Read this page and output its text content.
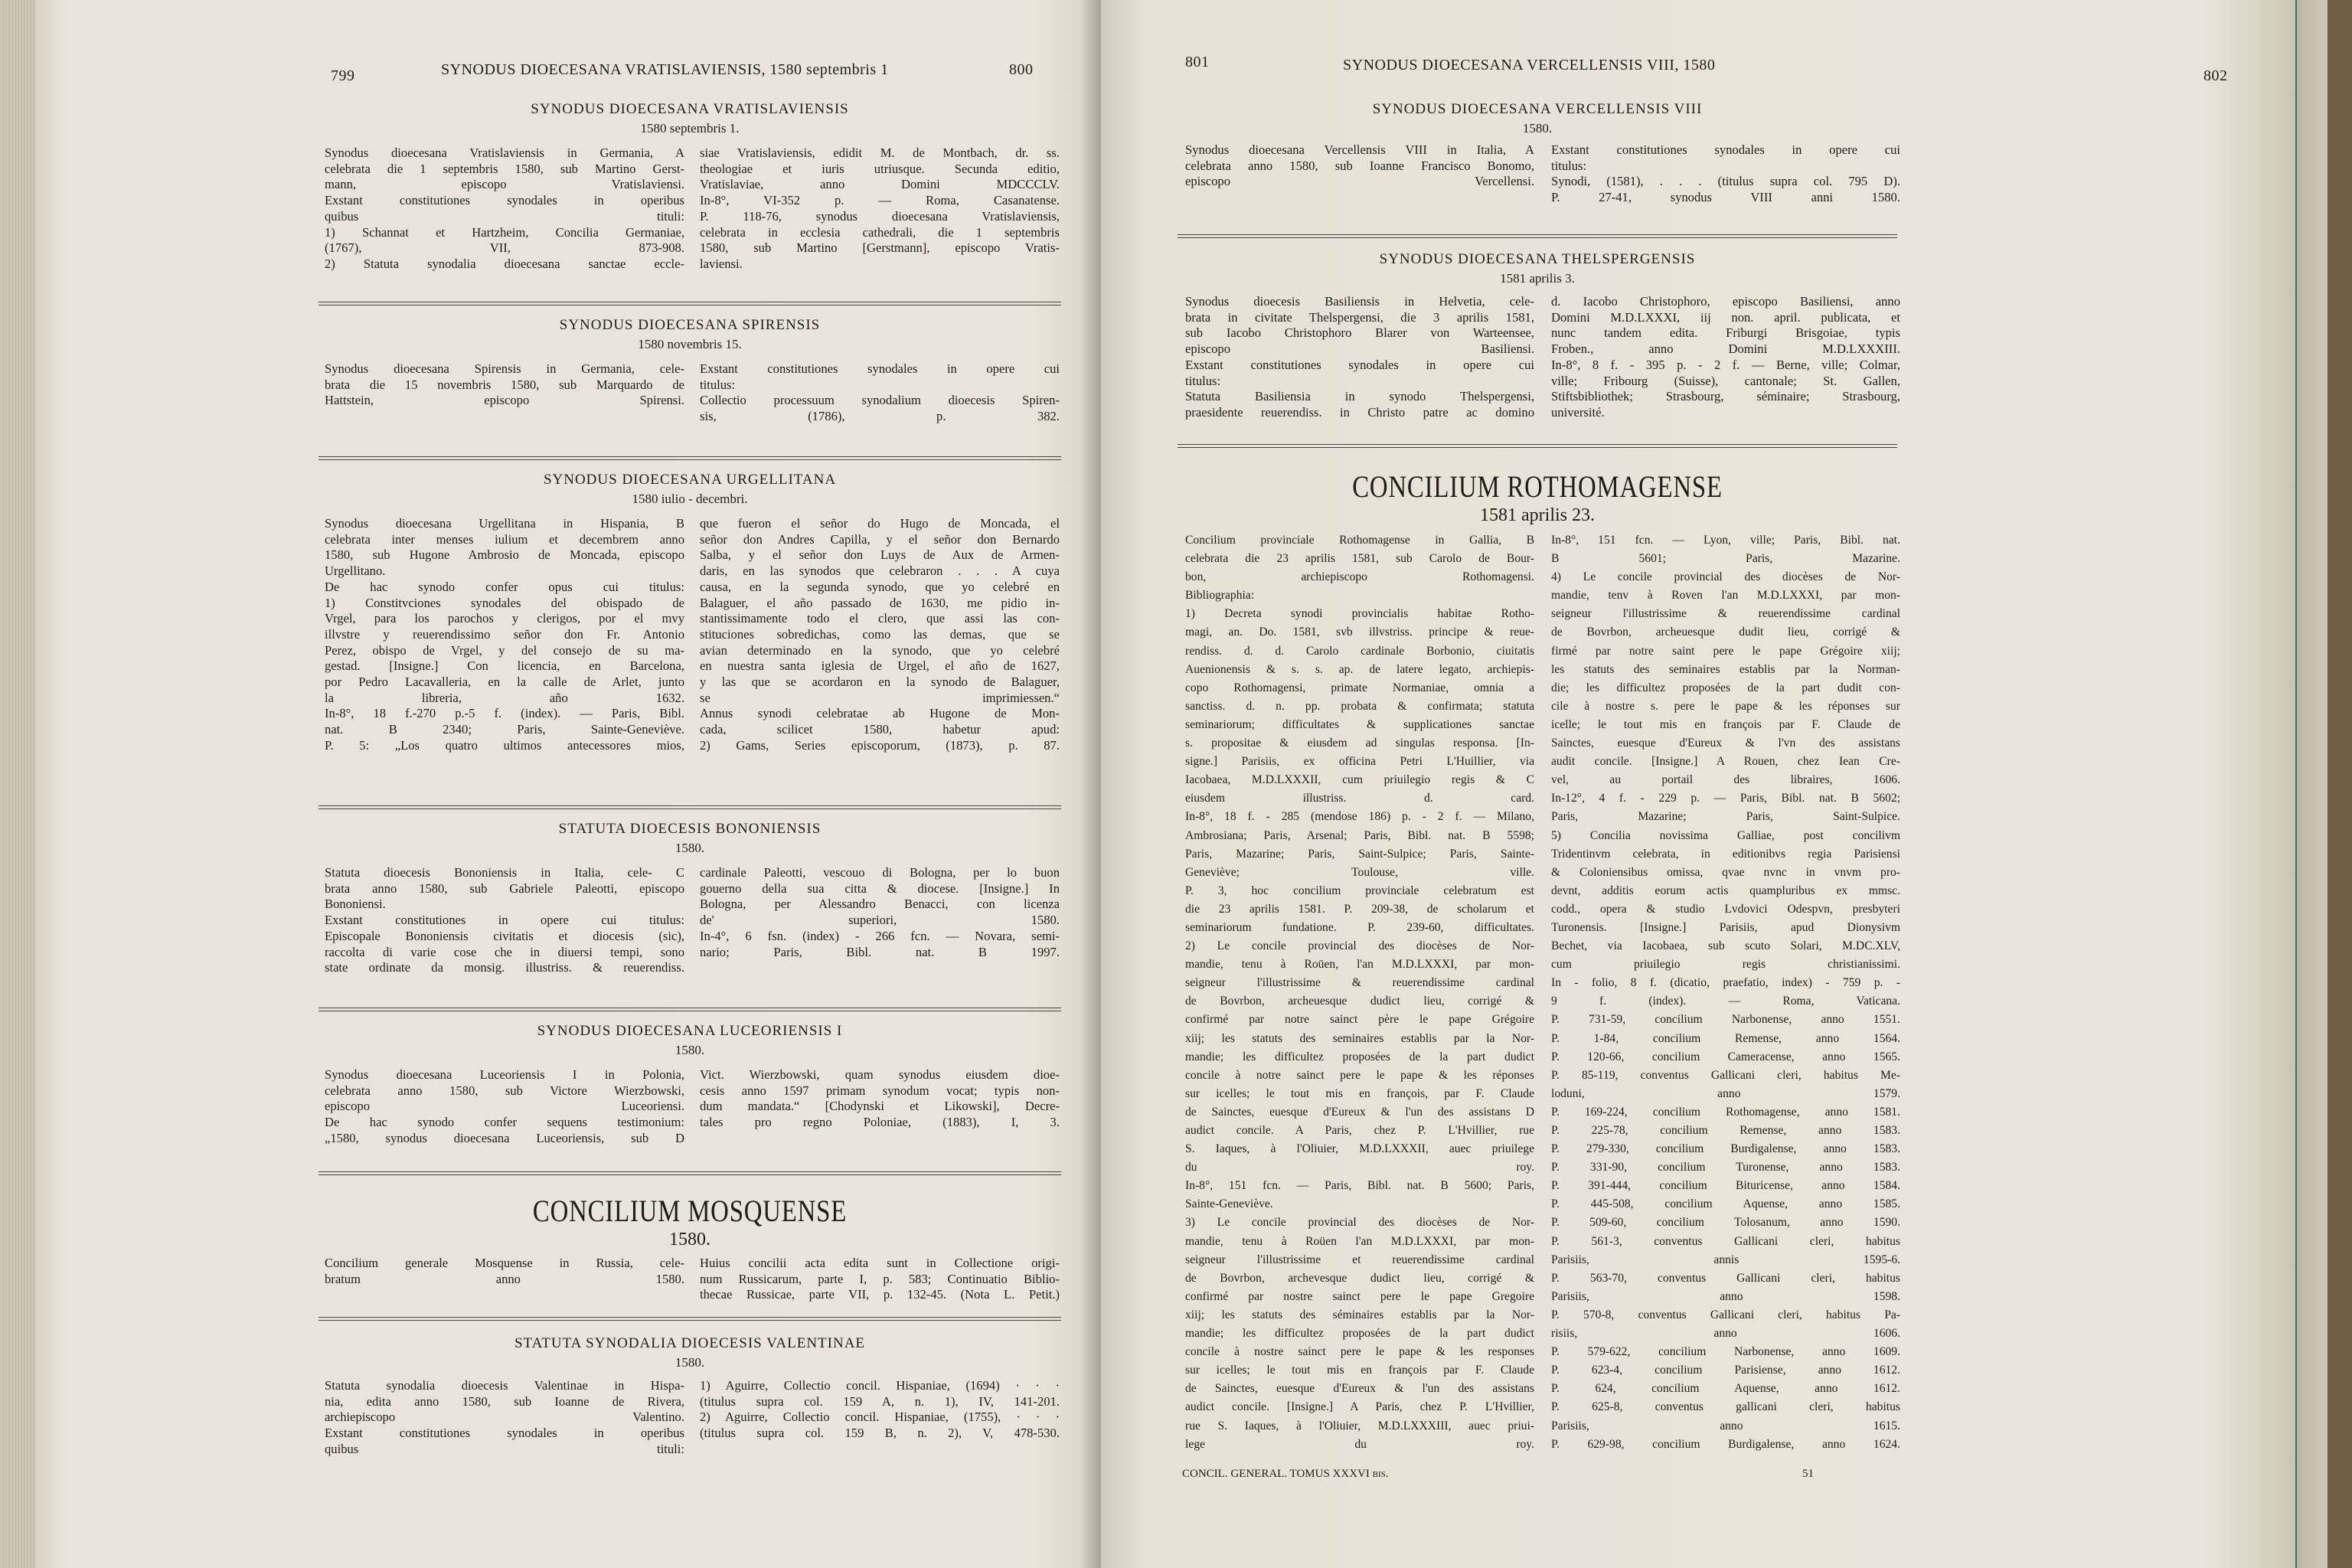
799	SYNODUS DIOECESANA VRATISLAVIENSIS, 1580 septembris 1	800
SYNODUS DIOECESANA VRATISLAVIENSIS
1580 septembris 1.

Synodus dioecesana Vratislaviensis in Germania, A

celebrata die 1 septembris 1580, sub Martino Gerst-

mann, episcopo Vratislaviensi.

Exstant constitutiones synodales in operibus

quibus tituli:

1) Schannat et Hartzheim, Concilia Germaniae,

(1767), VII, 873-908.

2) Statuta synodalia dioecesana sanctae eccle-

siae Vratislaviensis, edidit M. de Montbach, dr. ss.

theologiae et iuris utriusque. Secunda editio,

Vratislaviae, anno Domini MDCCCLV.

In-8°, VI-352 p. — Roma, Casanatense.

P. 118-76, synodus dioecesana Vratislaviensis,

celebrata in ecclesia cathedrali, die 1 septembris

1580, sub Martino [Gerstmann], episcopo Vratis-

laviensi.

SYNODUS DIOECESANA SPIRENSIS
1580 novembris 15.

Synodus dioecesana Spirensis in Germania, cele-

brata die 15 novembris 1580, sub Marquardo de

Hattstein, episcopo Spirensi.

Exstant constitutiones synodales in opere cui

titulus:

Collectio processuum synodalium dioecesis Spiren-

sis, (1786), p. 382.

SYNODUS DIOECESANA URGELLITANA
1580 iulio - decembri.

Synodus dioecesana Urgellitana in Hispania, B

celebrata inter menses iulium et decembrem anno

1580, sub Hugone Ambrosio de Moncada, episcopo

Urgellitano.

De hac synodo confer opus cui titulus:

1) Constitvciones synodales del obispado de

Vrgel, para los parochos y clerigos, por el mvy

illvstre y reuerendissimo señor don Fr. Antonio

Perez, obispo de Vrgel, y del consejo de su ma-

gestad. [Insigne.] Con licencia, en Barcelona,

por Pedro Lacavalleria, en la calle de Arlet, junto

la libreria, año 1632.

In-8°, 18 f.-270 p.-5 f. (index). — Paris, Bibl.

nat. B 2340; Paris, Sainte-Geneviève.

P. 5: „Los quatro ultimos antecessores mios,

que fueron el señor do Hugo de Moncada, el

señor don Andres Capilla, y el señor don Bernardo

Salba, y el señor don Luys de Aux de Armen-

daris, en las synodos que celebraron . . . A cuya

causa, en la segunda synodo, que yo celebré en

Balaguer, el año passado de 1630, me pidio in-

stantissimamente todo el clero, que assi las con-

stituciones sobredichas, como las demas, que se

avian determinado en la synodo, que yo celebré

en nuestra santa iglesia de Urgel, el año de 1627,

y las que se acordaron en la synodo de Balaguer,

se imprimiessen.“

Annus synodi celebratae ab Hugone de Mon-

cada, scilicet 1580, habetur apud:

2) Gams, Series episcoporum, (1873), p. 87.

STATUTA DIOECESIS BONONIENSIS
1580.

Statuta dioecesis Bononiensis in Italia, cele- C

brata anno 1580, sub Gabriele Paleotti, episcopo

Bononiensi.

Exstant constitutiones in opere cui titulus:

Episcopale Bononiensis civitatis et diocesis (sic),

raccolta di varie cose che in diuersi tempi, sono

state ordinate da monsig. illustriss. & reuerendiss.

cardinale Paleotti, vescouo di Bologna, per lo buon

gouerno della sua citta & diocese. [Insigne.] In

Bologna, per Alessandro Benacci, con licenza

de' superiori, 1580.

In-4°, 6 fsn. (index) - 266 fcn. — Novara, semi-

nario; Paris, Bibl. nat. B 1997.

SYNODUS DIOECESANA LUCEORIENSIS I
1580.

Synodus dioecesana Luceoriensis I in Polonia,

celebrata anno 1580, sub Victore Wierzbowski,

episcopo Luceoriensi.

De hac synodo confer sequens testimonium:

„1580, synodus dioecesana Luceoriensis, sub D

Vict. Wierzbowski, quam synodus eiusdem dioe-

cesis anno 1597 primam synodum vocat; typis non-

dum mandata.“ [Chodynski et Likowski], Decre-

tales pro regno Poloniae, (1883), I, 3.

CONCILIUM MOSQUENSE
1580.

Concilium generale Mosquense in Russia, cele-

bratum anno 1580.

Huius concilii acta edita sunt in Collectione origi-

num Russicarum, parte I, p. 583; Continuatio Biblio-

thecae Russicae, parte VII, p. 132-45. (Nota L. Petit.)

STATUTA SYNODALIA DIOECESIS VALENTINAE
1580.

Statuta synodalia dioecesis Valentinae in Hispa-

nia, edita anno 1580, sub Ioanne de Rivera,

archiepiscopo Valentino.

Exstant constitutiones synodales in operibus

quibus tituli:

1) Aguirre, Collectio concil. Hispaniae, (1694) · · ·

(titulus supra col. 159 A, n. 1), IV, 141-201.

2) Aguirre, Collectio concil. Hispaniae, (1755), · · ·

(titulus supra col. 159 B, n. 2), V, 478-530.

801	SYNODUS DIOECESANA VERCELLENSIS VIII, 1580
802
SYNODUS DIOECESANA VERCELLENSIS VIII
1580.

Synodus dioecesana Vercellensis VIII in Italia, A

celebrata anno 1580, sub Ioanne Francisco Bonomo,

episcopo Vercellensi.

Exstant constitutiones synodales in opere cui

titulus:

Synodi, (1581), . . . (titulus supra col. 795 D).

P. 27-41, synodus VIII anni 1580.

SYNODUS DIOECESANA THELSPERGENSIS
1581 aprilis 3.

Synodus dioecesis Basiliensis in Helvetia, cele-

brata in civitate Thelspergensi, die 3 aprilis 1581,

sub Iacobo Christophoro Blarer von Warteensee,

episcopo Basiliensi.

Exstant constitutiones synodales in opere cui

titulus:

Statuta Basiliensia in synodo Thelspergensi,

praesidente reuerendiss. in Christo patre ac domino

d. Iacobo Christophoro, episcopo Basiliensi, anno

Domini M.D.LXXXI, iij non. april. publicata, et

nunc tandem edita. Friburgi Brisgoiae, typis

Froben., anno Domini M.D.LXXXIII.

In-8°, 8 f. - 395 p. - 2 f. — Berne, ville; Colmar,

ville; Fribourg (Suisse), cantonale; St. Gallen,

Stiftsbibliothek; Strasbourg, séminaire; Strasbourg,

université.

CONCILIUM ROTHOMAGENSE
1581 aprilis 23.

Concilium provinciale Rothomagense in Gallia, B

celebrata die 23 aprilis 1581, sub Carolo de Bour-

bon, archiepiscopo Rothomagensi.

Bibliographia:

1) Decreta synodi provincialis habitae Rotho-

magi, an. Do. 1581, svb illvstriss. principe & reue-

rendiss. d. d. Carolo cardinale Borbonio, ciuitatis

Auenionensis & s. s. ap. de latere legato, archiepis-

copo Rothomagensi, primate Normaniae, omnia a

sanctiss. d. n. pp. probata & confirmata; statuta

seminariorum; difficultates & supplicationes sanctae

s. propositae & eiusdem ad singulas responsa. [In-

signe.] Parisiis, ex officina Petri L'Huillier, via

Iacobaea, M.D.LXXXII, cum priuilegio regis & C

eiusdem illustriss. d. card.

In-8°, 18 f. - 285 (mendose 186) p. - 2 f. — Milano,

Ambrosiana; Paris, Arsenal; Paris, Bibl. nat. B 5598;

Paris, Mazarine; Paris, Saint-Sulpice; Paris, Sainte-

Geneviève; Toulouse, ville.

P. 3, hoc concilium provinciale celebratum est

die 23 aprilis 1581. P. 209-38, de scholarum et

seminariorum fundatione. P. 239-60, difficultates.

2) Le concile provincial des diocèses de Nor-

mandie, tenu à Roüen, l'an M.D.LXXXI, par mon-

seigneur l'illustrissime & reuerendissime cardinal

de Bovrbon, archeuesque dudict lieu, corrigé &

confirmé par notre sainct père le pape Grégoire

xiij; les statuts des seminaires establis par la Nor-

mandie; les difficultez proposées de la part dudict

concile à notre sainct pere le pape & les réponses

sur icelles; le tout mis en françois, par F. Claude

de Sainctes, euesque d'Eureux & l'un des assistans D

audict concile. A Paris, chez P. L'Hvillier, rue

S. Iaques, à l'Oliuier, M.D.LXXXII, auec priuilege

du roy.

In-8°, 151 fcn. — Paris, Bibl. nat. B 5600; Paris,

Sainte-Geneviève.

3) Le concile provincial des diocèses de Nor-

mandie, tenu à Roüen l'an M.D.LXXXI, par mon-

seigneur l'illustrissime et reuerendissime cardinal

de Bovrbon, archevesque dudict lieu, corrigé &

confirmé par nostre sainct pere le pape Gregoire

xiij; les statuts des séminaires establis par la Nor-

mandie; les difficultez proposées de la part dudict

concile à nostre sainct pere le pape & les responses

sur icelles; le tout mis en françois par F. Claude

de Sainctes, euesque d'Eureux & l'un des assistans

audict concile. [Insigne.] A Paris, chez P. L'Hvillier,

rue S. Iaques, à l'Oliuier, M.D.LXXXIII, auec priui-

lege du roy.

In-8°, 151 fcn. — Lyon, ville; Paris, Bibl. nat.

B 5601; Paris, Mazarine.

4) Le concile provincial des diocèses de Nor-

mandie, tenv à Roven l'an M.D.LXXXI, par mon-

seigneur l'illustrissime & reuerendissime cardinal

de Bovrbon, archeuesque dudit lieu, corrigé &

firmé par notre saint pere le pape Grégoire xiij;

les statuts des seminaires establis par la Norman-

die; les difficultez proposées de la part dudit con-

cile à nostre s. pere le pape & les réponses sur

icelle; le tout mis en françois par F. Claude de

Sainctes, euesque d'Eureux & l'vn des assistans

audit concile. [Insigne.] A Rouen, chez Iean Cre-

vel, au portail des libraires, 1606.

In-12°, 4 f. - 229 p. — Paris, Bibl. nat. B 5602;

Paris, Mazarine; Paris, Saint-Sulpice.

5) Concilia novissima Galliae, post concilivm

Tridentinvm celebrata, in editionibvs regia Parisiensi

& Coloniensibus omissa, qvae nvnc in vnvm pro-

devnt, additis eorum actis quampluribus ex mmsc.

codd., opera & studio Lvdovici Odespvn, presbyteri

Turonensis. [Insigne.] Parisiis, apud Dionysivm

Bechet, via Iacobaea, sub scuto Solari, M.DC.XLV,

cum priuilegio regis christianissimi.

In - folio, 8 f. (dicatio, praefatio, index) - 759 p. -

9 f. (index). — Roma, Vaticana.

P. 731-59, concilium Narbonense, anno 1551.

P. 1-84, concilium Remense, anno 1564.

P. 120-66, concilium Cameracense, anno 1565.

P. 85-119, conventus Gallicani cleri, habitus Me-

loduni, anno 1579.

P. 169-224, concilium Rothomagense, anno 1581.

P. 225-78, concilium Remense, anno 1583.

P. 279-330, concilium Burdigalense, anno 1583.

P. 331-90, concilium Turonense, anno 1583.

P. 391-444, concilium Bituricense, anno 1584.

P. 445-508, concilium Aquense, anno 1585.

P. 509-60, concilium Tolosanum, anno 1590.

P. 561-3, conventus Gallicani cleri, habitus

Parisiis, annis 1595-6.

P. 563-70, conventus Gallicani cleri, habitus

Parisiis, anno 1598.

P. 570-8, conventus Gallicani cleri, habitus Pa-

risiis, anno 1606.

P. 579-622, concilium Narbonense, anno 1609.

P. 623-4, concilium Parisiense, anno 1612.

P. 624, concilium Aquense, anno 1612.

P. 625-8, conventus gallicani cleri, habitus

Parisiis, anno 1615.

P. 629-98, concilium Burdigalense, anno 1624.

CONCIL. GENERAL. TOMUS XXXVI bis.	51
